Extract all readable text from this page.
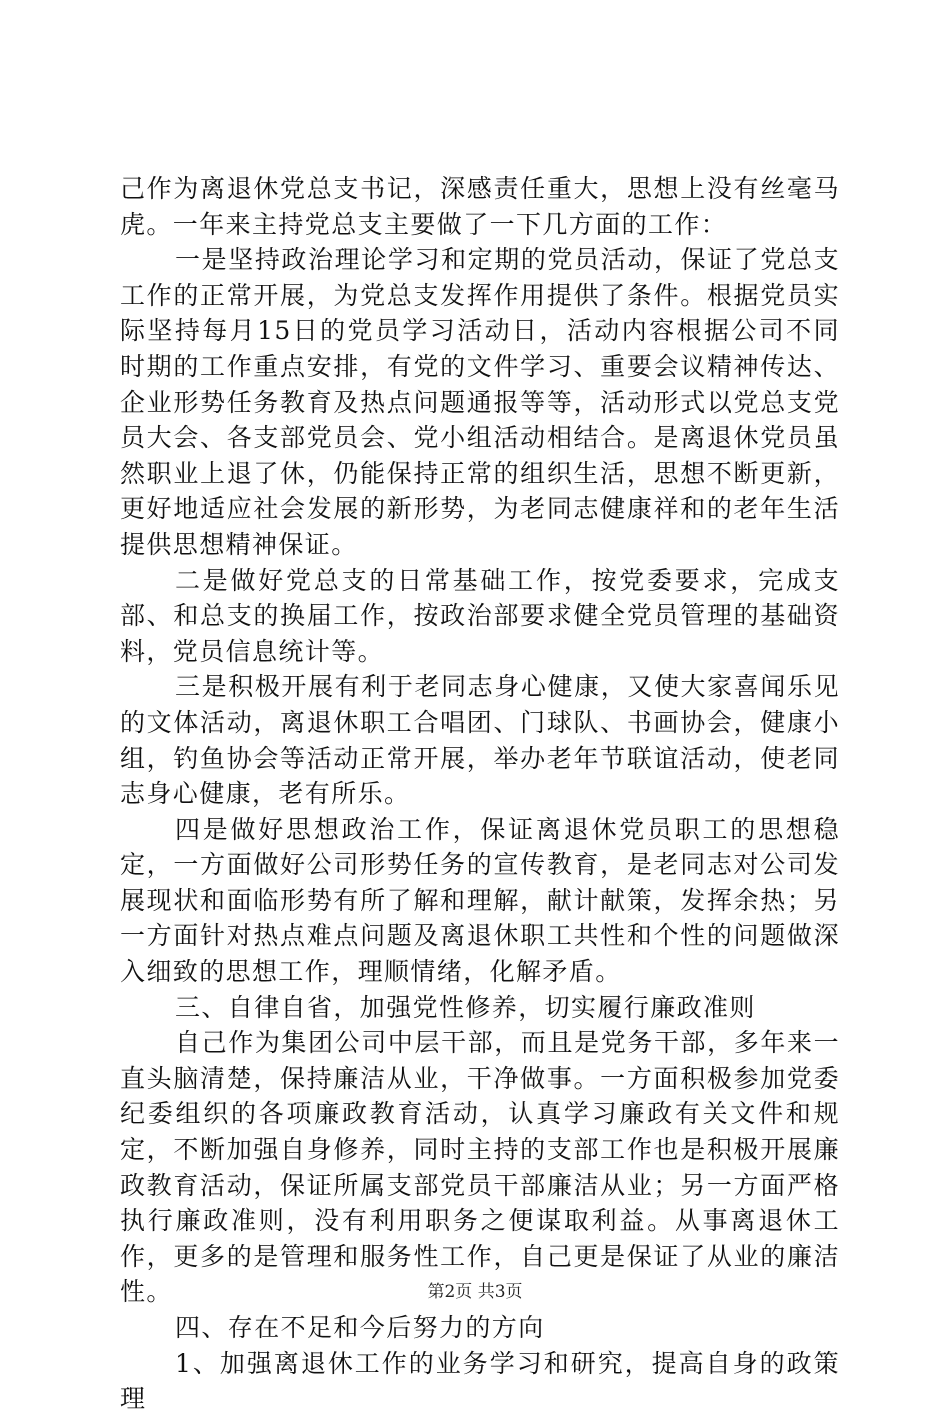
己作为离退休党总支书记，深感责任重大，思想上没有丝毫马虎。一年来主持党总支主要做了一下几方面的工作：

一是坚持政治理论学习和定期的党员活动，保证了党总支工作的正常开展，为党总支发挥作用提供了条件。根据党员实际坚持每月15日的党员学习活动日，活动内容根据公司不同时期的工作重点安排，有党的文件学习、重要会议精神传达、企业形势任务教育及热点问题通报等等，活动形式以党总支党员大会、各支部党员会、党小组活动相结合。是离退休党员虽然职业上退了休，仍能保持正常的组织生活，思想不断更新，更好地适应社会发展的新形势，为老同志健康祥和的老年生活提供思想精神保证。

二是做好党总支的日常基础工作，按党委要求，完成支部、和总支的换届工作，按政治部要求健全党员管理的基础资料，党员信息统计等。

三是积极开展有利于老同志身心健康，又使大家喜闻乐见的文体活动，离退休职工合唱团、门球队、书画协会，健康小组，钓鱼协会等活动正常开展，举办老年节联谊活动，使老同志身心健康，老有所乐。

四是做好思想政治工作，保证离退休党员职工的思想稳定，一方面做好公司形势任务的宣传教育，是老同志对公司发展现状和面临形势有所了解和理解，献计献策，发挥余热；另一方面针对热点难点问题及离退休职工共性和个性的问题做深入细致的思想工作，理顺情绪，化解矛盾。

三、自律自省，加强党性修养，切实履行廉政准则

自己作为集团公司中层干部，而且是党务干部，多年来一直头脑清楚，保持廉洁从业，干净做事。一方面积极参加党委纪委组织的各项廉政教育活动，认真学习廉政有关文件和规定，不断加强自身修养，同时主持的支部工作也是积极开展廉政教育活动，保证所属支部党员干部廉洁从业；另一方面严格执行廉政准则，没有利用职务之便谋取利益。从事离退休工作，更多的是管理和服务性工作，自己更是保证了从业的廉洁性。

四、存在不足和今后努力的方向

1、加强离退休工作的业务学习和研究，提高自身的政策理

第2页 共3页
